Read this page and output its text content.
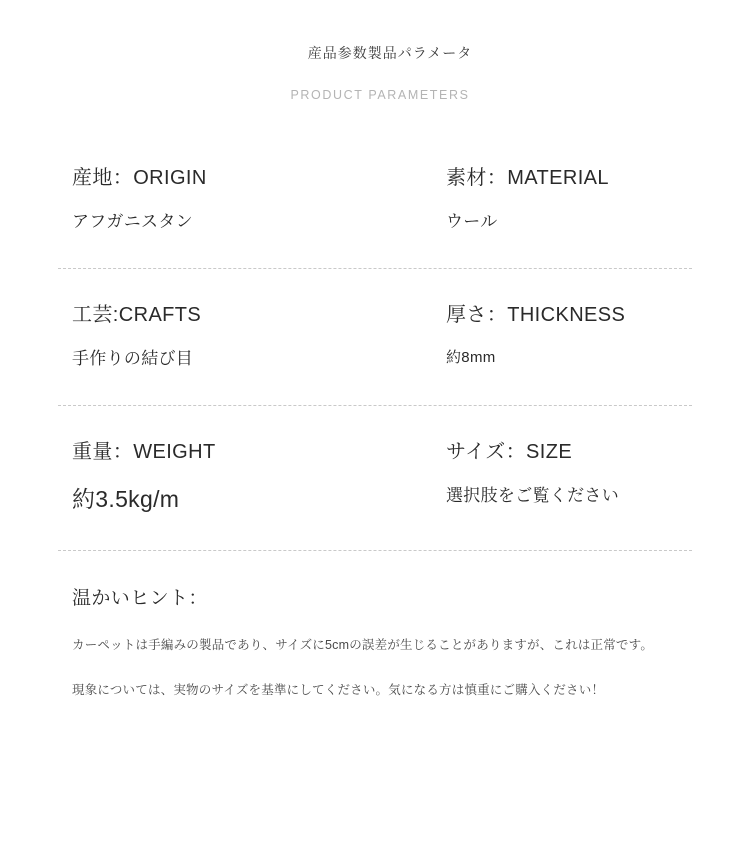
産品参数製品パラメータ
PRODUCT PARAMETERS
産地：ORIGIN
アフガニスタン
素材：MATERIAL
ウール
工芸:CRAFTS
手作りの結び目
厚さ：THICKNESS
約8mm
重量：WEIGHT
約3.5kg/m
サイズ：SIZE
選択肢をご覧ください
温かいヒント：
カーペットは手編みの製品であり、サイズに5cmの誤差が生じることがありますが、これは正常です。
現象については、実物のサイズを基準にしてください。気になる方は慎重にご購入ください！
